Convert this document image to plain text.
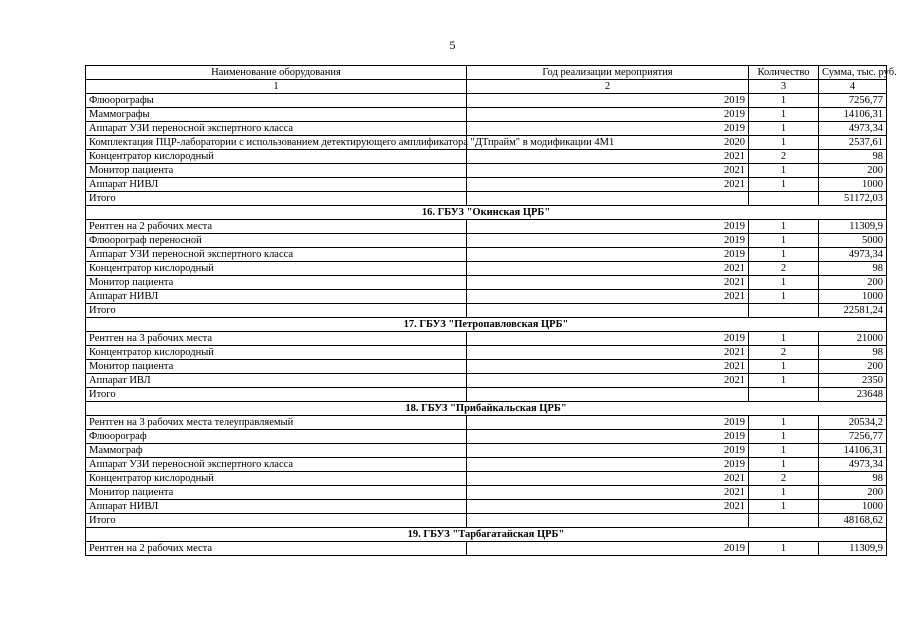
5
Наименование оборудования	Год реализации мероприятия	Количество	Сумма, тыс. руб.
1	2	3	4
Флюорографы	2019	1	7256,77
Маммографы	2019	1	14106,31
Аппарат УЗИ переносной экспертного класса	2019	1	4973,34
Комплектация ПЦР-лаборатории с использованием детектирующего амплификатора "ДТпрайм" в модификации 4М1	2020	1	2537,61
Концентратор кислородный	2021	2	98
Монитор пациента	2021	1	200
Аппарат НИВЛ	2021	1	1000
Итого			51172,03
16. ГБУЗ "Окинская ЦРБ"			
Рентген на 2 рабочих места	2019	1	11309,9
Флюорограф переносной	2019	1	5000
Аппарат УЗИ переносной экспертного класса	2019	1	4973,34
Концентратор кислородный	2021	2	98
Монитор пациента	2021	1	200
Аппарат НИВЛ	2021	1	1000
Итого			22581,24
17. ГБУЗ "Петропавловская ЦРБ"			
Рентген на 3 рабочих места	2019	1	21000
Концентратор кислородный	2021	2	98
Монитор пациента	2021	1	200
Аппарат ИВЛ	2021	1	2350
Итого			23648
18. ГБУЗ "Прибайкальская ЦРБ"			
Рентген на 3 рабочих места телеуправляемый	2019	1	20534,2
Флюорограф	2019	1	7256,77
Маммограф	2019	1	14106,31
Аппарат УЗИ переносной экспертного класса	2019	1	4973,34
Концентратор кислородный	2021	2	98
Монитор пациента	2021	1	200
Аппарат НИВЛ	2021	1	1000
Итого			48168,62
19. ГБУЗ "Тарбагатайская ЦРБ"			
Рентген на 2 рабочих места	2019	1	11309,9
